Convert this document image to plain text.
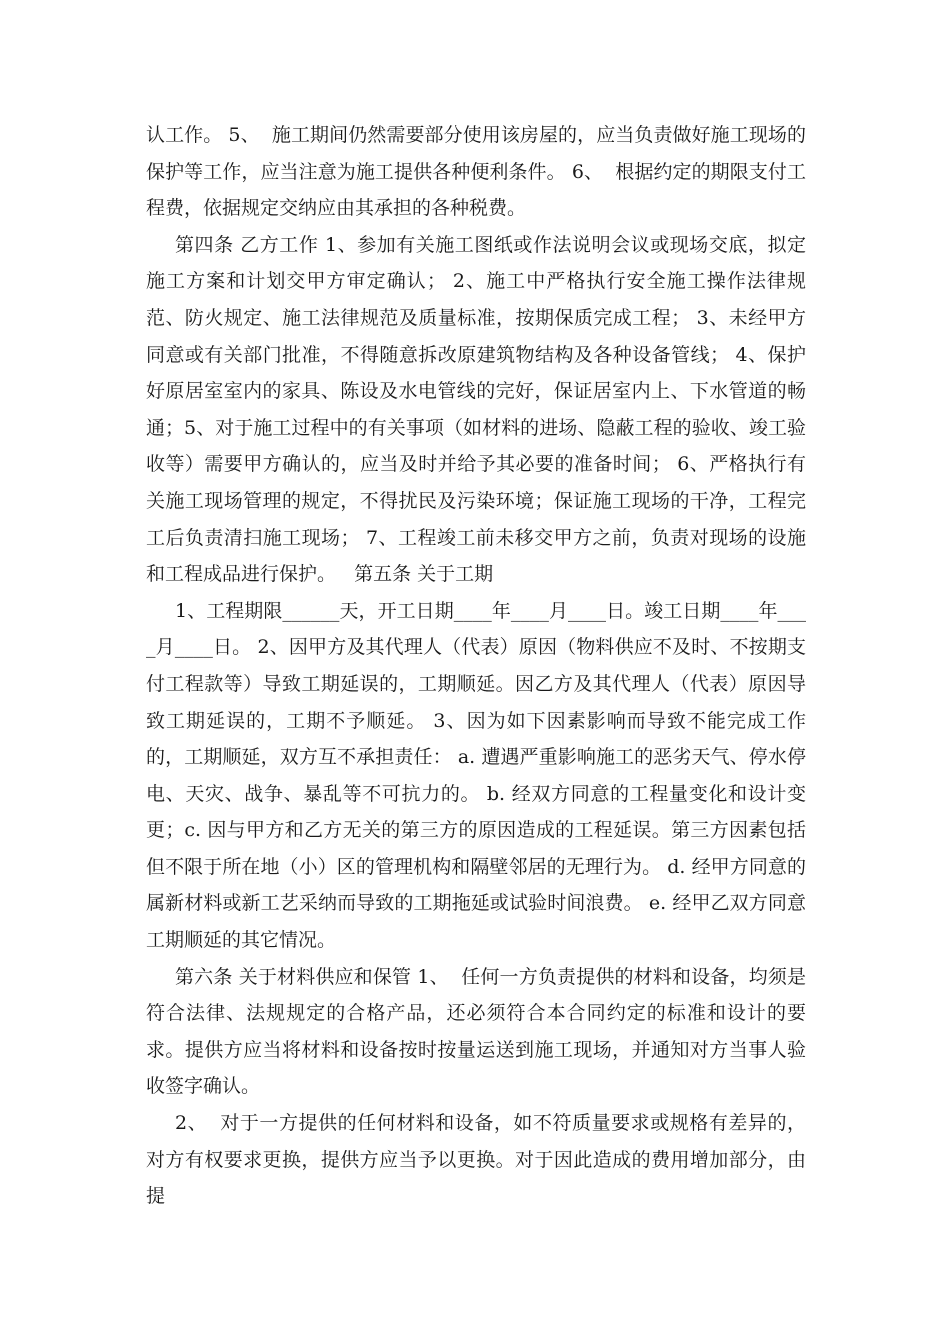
认工作。 5、  施工期间仍然需要部分使用该房屋的，应当负责做好施工现场的保护等工作，应当注意为施工提供各种便利条件。 6、  根据约定的期限支付工程费，依据规定交纳应由其承担的各种税费。

第四条 乙方工作 1、参加有关施工图纸或作法说明会议或现场交底，拟定施工方案和计划交甲方审定确认； 2、施工中严格执行安全施工操作法律规范、防火规定、施工法律规范及质量标准，按期保质完成工程； 3、未经甲方同意或有关部门批准，不得随意拆改原建筑物结构及各种设备管线； 4、保护好原居室室内的家具、陈设及水电管线的完好，保证居室内上、下水管道的畅通；5、对于施工过程中的有关事项（如材料的进场、隐蔽工程的验收、竣工验收等）需要甲方确认的，应当及时并给予其必要的准备时间； 6、严格执行有关施工现场管理的规定，不得扰民及污染环境；保证施工现场的干净，工程完工后负责清扫施工现场； 7、工程竣工前未移交甲方之前，负责对现场的设施和工程成品进行保护。   第五条 关于工期

1、工程期限______天，开工日期____年____月____日。竣工日期____年____月____日。 2、因甲方及其代理人（代表）原因（物料供应不及时、不按期支付工程款等）导致工期延误的，工期顺延。因乙方及其代理人（代表）原因导致工期延误的，工期不予顺延。 3、因为如下因素影响而导致不能完成工作的，工期顺延，双方互不承担责任： a. 遭遇严重影响施工的恶劣天气、停水停电、天灾、战争、暴乱等不可抗力的。 b. 经双方同意的工程量变化和设计变更；c. 因与甲方和乙方无关的第三方的原因造成的工程延误。第三方因素包括但不限于所在地（小）区的管理机构和隔壁邻居的无理行为。 d. 经甲方同意的属新材料或新工艺采纳而导致的工期拖延或试验时间浪费。 e. 经甲乙双方同意工期顺延的其它情况。

第六条 关于材料供应和保管 1、  任何一方负责提供的材料和设备，均须是符合法律、法规规定的合格产品，还必须符合本合同约定的标准和设计的要求。提供方应当将材料和设备按时按量运送到施工现场，并通知对方当事人验收签字确认。

2、  对于一方提供的任何材料和设备，如不符质量要求或规格有差异的，对方有权要求更换，提供方应当予以更换。对于因此造成的费用增加部分，由提
